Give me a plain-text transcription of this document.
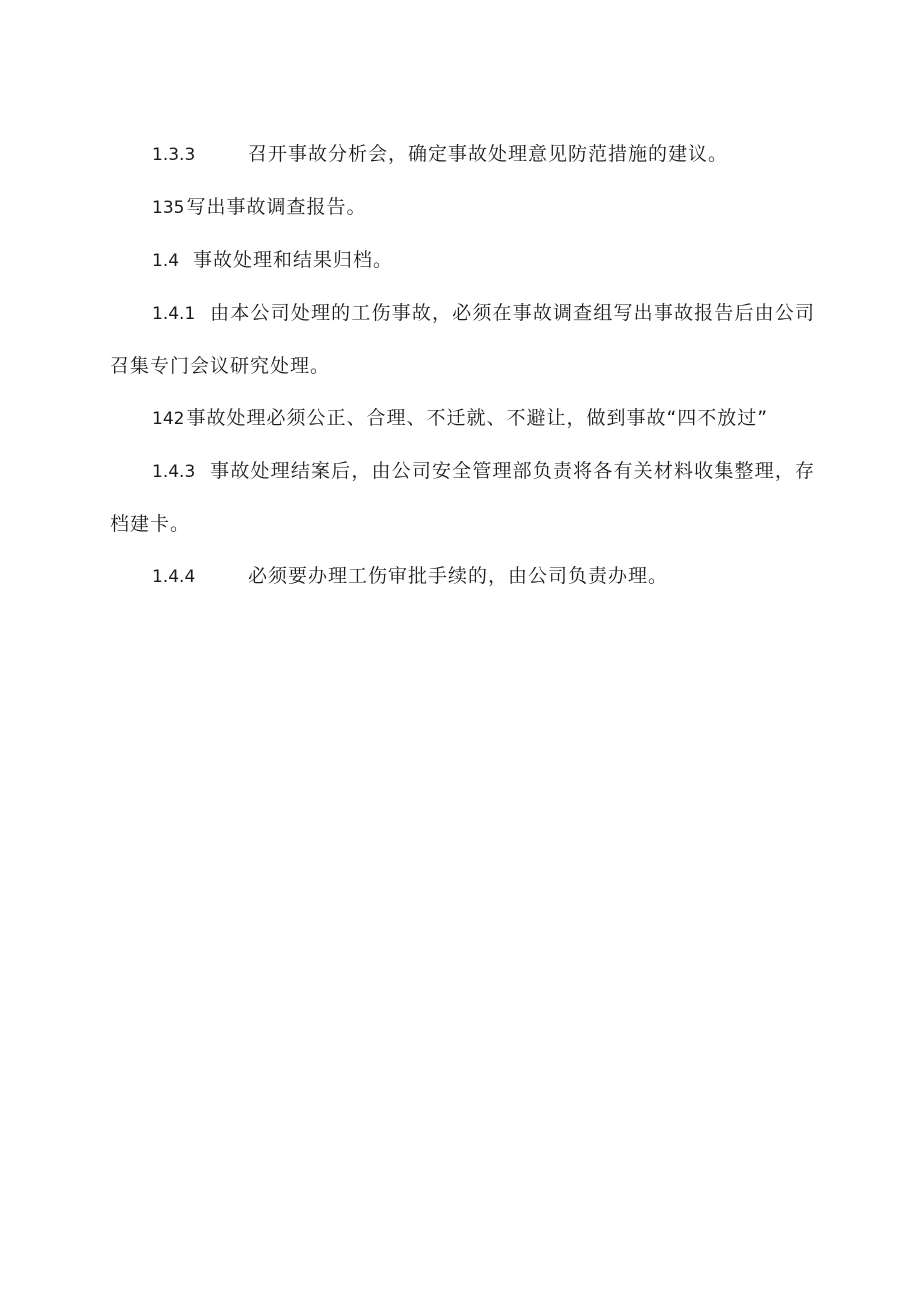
1.3.3	召开事故分析会，确定事故处理意见防范措施的建议。

135 写出事故调查报告。

1.4 事故处理和结果归档。

1.4.1 由本公司处理的工伤事故，必须在事故调查组写出事故报告后由公司召集专门会议研究处理。

142 事故处理必须公正、合理、不迁就、不避让，做到事故“四不放过”

1.4.3 事故处理结案后，由公司安全管理部负责将各有关材料收集整理，存档建卡。

1.4.4	必须要办理工伤审批手续的，由公司负责办理。
